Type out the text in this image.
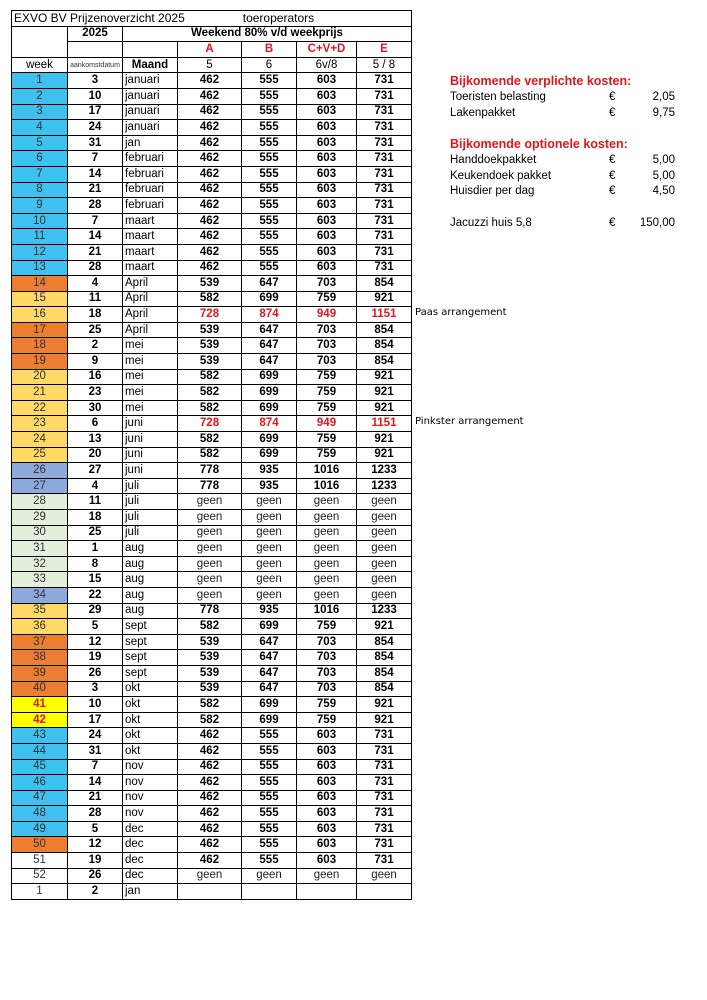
EXVO BV Prijzenoverzicht 2025 toeroperators						
	2025	Weekend 80% v/d weekprijs				
			A	B	C+V+D	E
week	aankomstdatum	Maand	5	6	6v/8	5 / 8
1	3	januari	462	555	603	731
2	10	januari	462	555	603	731
3	17	januari	462	555	603	731
4	24	januari	462	555	603	731
5	31	jan	462	555	603	731
6	7	februari	462	555	603	731
7	14	februari	462	555	603	731
8	21	februari	462	555	603	731
9	28	februari	462	555	603	731
10	7	maart	462	555	603	731
11	14	maart	462	555	603	731
12	21	maart	462	555	603	731
13	28	maart	462	555	603	731
14	4	April	539	647	703	854
15	11	April	582	699	759	921
16	18	April	728	874	949	1151
17	25	April	539	647	703	854
18	2	mei	539	647	703	854
19	9	mei	539	647	703	854
20	16	mei	582	699	759	921
21	23	mei	582	699	759	921
22	30	mei	582	699	759	921
23	6	juni	728	874	949	1151
24	13	juni	582	699	759	921
25	20	juni	582	699	759	921
26	27	juni	778	935	1016	1233
27	4	juli	778	935	1016	1233
28	11	juli	geen	geen	geen	geen
29	18	juli	geen	geen	geen	geen
30	25	juli	geen	geen	geen	geen
31	1	aug	geen	geen	geen	geen
32	8	aug	geen	geen	geen	geen
33	15	aug	geen	geen	geen	geen
34	22	aug	geen	geen	geen	geen
35	29	aug	778	935	1016	1233
36	5	sept	582	699	759	921
37	12	sept	539	647	703	854
38	19	sept	539	647	703	854
39	26	sept	539	647	703	854
40	3	okt	539	647	703	854
41	10	okt	582	699	759	921
42	17	okt	582	699	759	921
43	24	okt	462	555	603	731
44	31	okt	462	555	603	731
45	7	nov	462	555	603	731
46	14	nov	462	555	603	731
47	21	nov	462	555	603	731
48	28	nov	462	555	603	731
49	5	dec	462	555	603	731
50	12	dec	462	555	603	731
51	19	dec	462	555	603	731
52	26	dec	geen	geen	geen	geen
1	2	jan				
Paas arrangement
Pinkster arrangement
Bijkomende verplichte kosten:
Toeristen belasting	€	2,05
Lakenpakket	€	9,75
Bijkomende optionele kosten:
Handdoekpakket	€	5,00
Keukendoek pakket	€	5,00
Huisdier per dag	€	4,50
Jacuzzi huis 5,8	€	150,00
